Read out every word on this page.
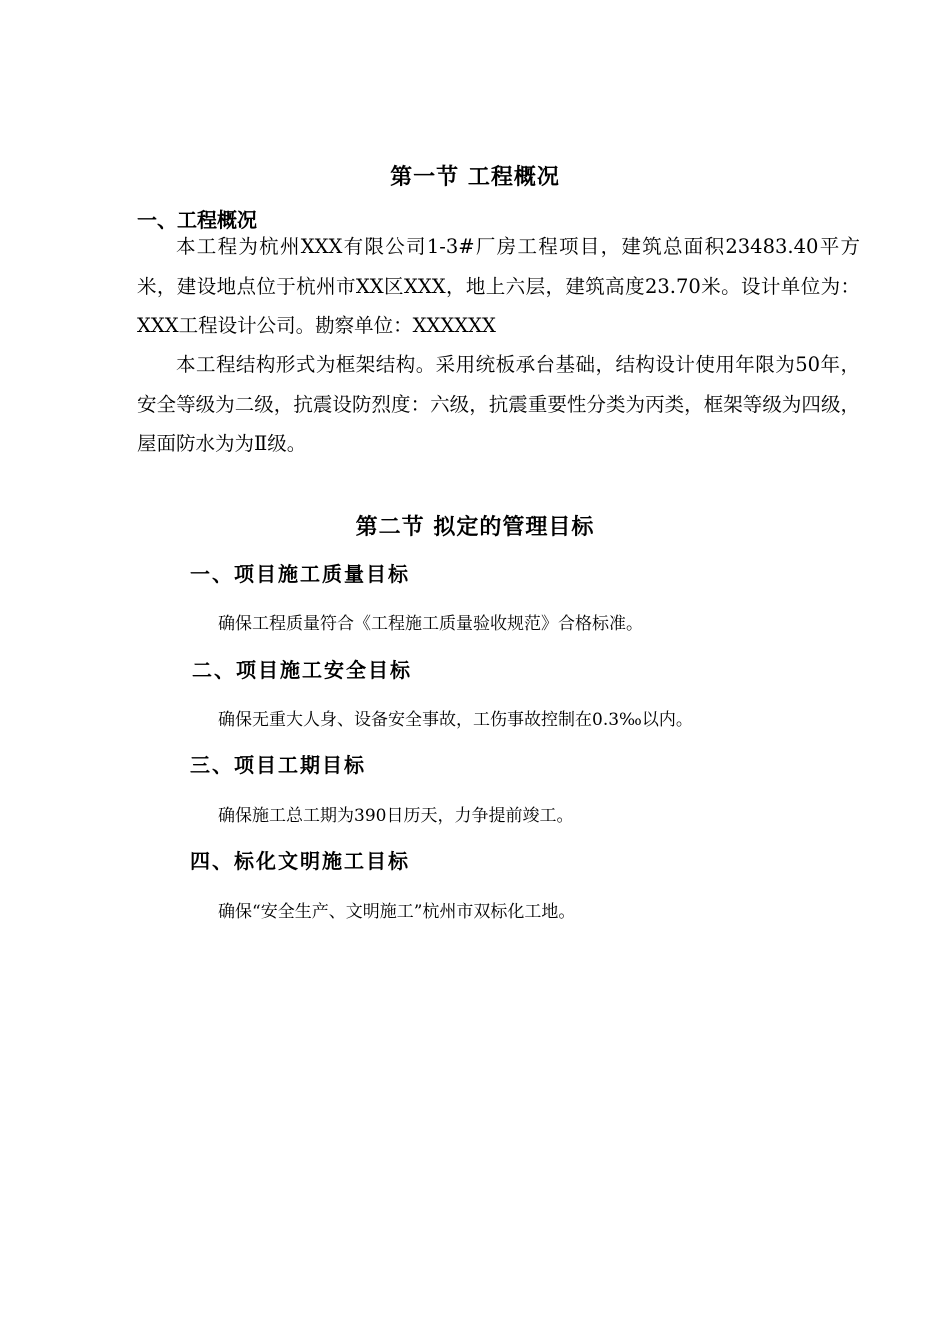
第一节 工程概况
一、工程概况

本工程为杭州XXX有限公司1-3#厂房工程项目，建筑总面积23483.40平方米，建设地点位于杭州市XX区XXX，地上六层，建筑高度23.70米。设计单位为：XXX工程设计公司。勘察单位：XXXXXX

本工程结构形式为框架结构。采用统板承台基础，结构设计使用年限为50年，安全等级为二级，抗震设防烈度：六级，抗震重要性分类为丙类，框架等级为四级，屋面防水为为Ⅱ级。

第二节 拟定的管理目标
一、项目施工质量目标
确保工程质量符合《工程施工质量验收规范》合格标准。
二、项目施工安全目标
确保无重大人身、设备安全事故，工伤事故控制在0.3‰以内。
三、项目工期目标
确保施工总工期为390日历天，力争提前竣工。
四、标化文明施工目标
确保“安全生产、文明施工”杭州市双标化工地。
